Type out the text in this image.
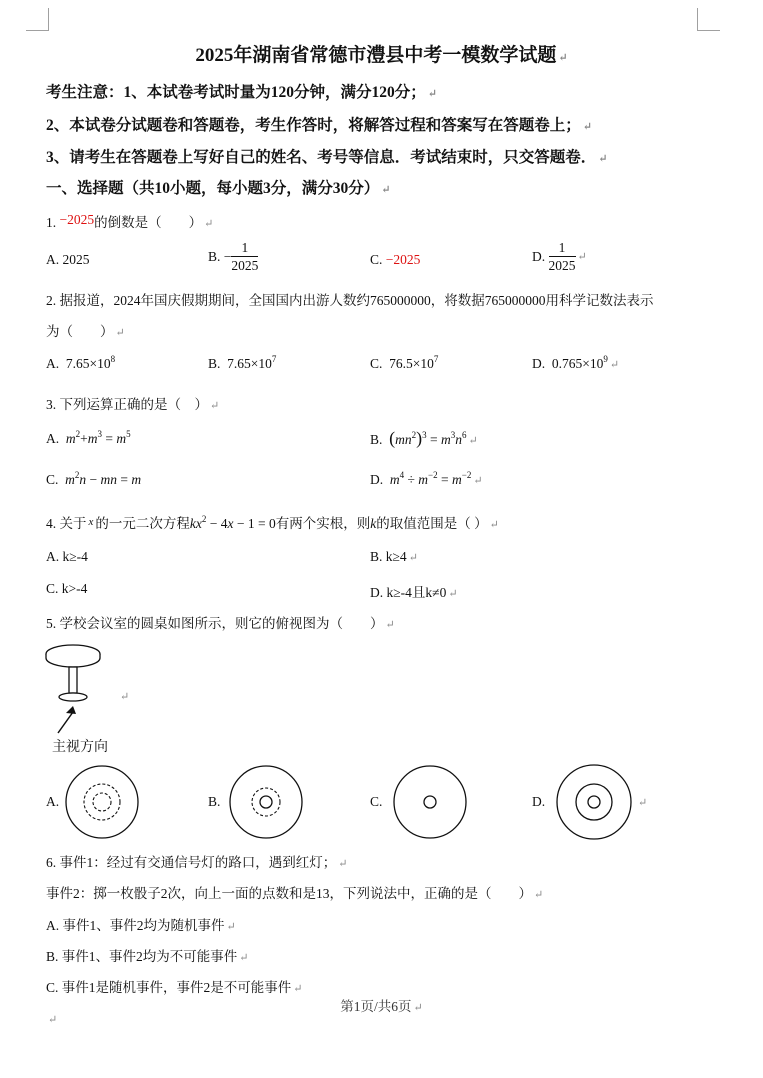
2025年湖南省常德市澧县中考一模数学试题 ↵
考生注意：1、本试卷考试时量为120分钟，满分120分； ↵
2、本试卷分试题卷和答题卷，考生作答时，将解答过程和答案写在答题卷上； ↵
3、请考生在答题卷上写好自己的姓名、考号等信息．考试结束时，只交答题卷． ↵
一、选择题（共10小题，每小题3分，满分30分） ↵
1. −2025的倒数是（　　） ↵
A. 2025	B. − $\frac{1}{2025}$	C. −2025	D. $\frac{1}{2025}$ ↵
2. 据报道，2024年国庆假期期间，全国国内出游人数约765000000，将数据765000000用科学记数法表示
为（　　） ↵
A. $7.65\times 10^8$	B. $7.65\times 10^7$	C. $76.5\times 10^7$	D. $0.765\times 10^9$ ↵
3. 下列运算正确的是（　） ↵
A. $m^2+m^3 = m^5$	B. $(mn^2)^3 = m^3n^6$ ↵
C. $m^2n$ − mn = m	D. $m^4 \div m^{-2} = m^{-2}$ ↵
4. 关于 $^x$ 的一元二次方程$kx^2 - 4x - 1 = 0$有两个实根，则k的取值范围是（ ） ↵
A. k≥-4	B. k≥4 ↵
C. k>-4	D. k≥-4且k≠0 ↵
5. 学校会议室的圆桌如图所示，则它的俯视图为（　　） ↵
↵
主视方向
A.	B.	C.	D.	↵
6. 事件1：经过有交通信号灯的路口，遇到红灯； ↵
事件2：掷一枚骰子2次，向上一面的点数和是13，下列说法中，正确的是（　　） ↵
A. 事件1、事件2均为随机事件 ↵
B. 事件1、事件2均为不可能事件 ↵
C. 事件1是随机事件，事件2是不可能事件 ↵
第1页/共6页 ↵
↵
